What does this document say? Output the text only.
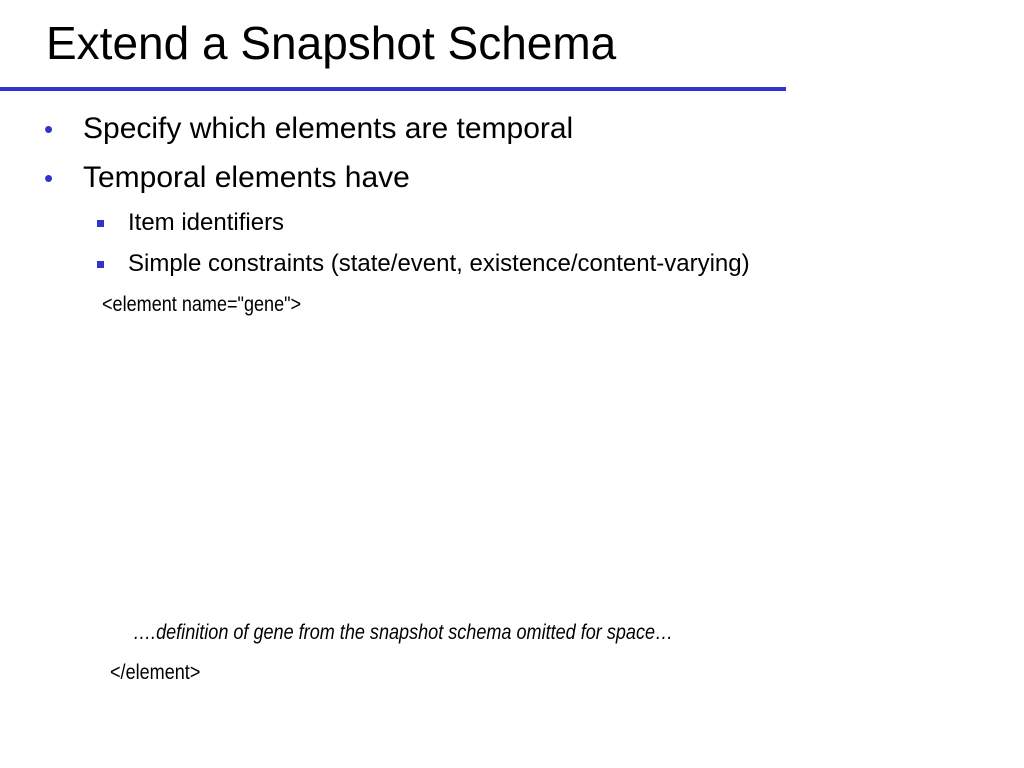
Extend a Snapshot Schema
• Specify which elements are temporal
• Temporal elements have
Item identifiers
Simple constraints (state/event, existence/content-varying)
<element name="gene">
….definition of gene from the snapshot schema omitted for space…
</element>
